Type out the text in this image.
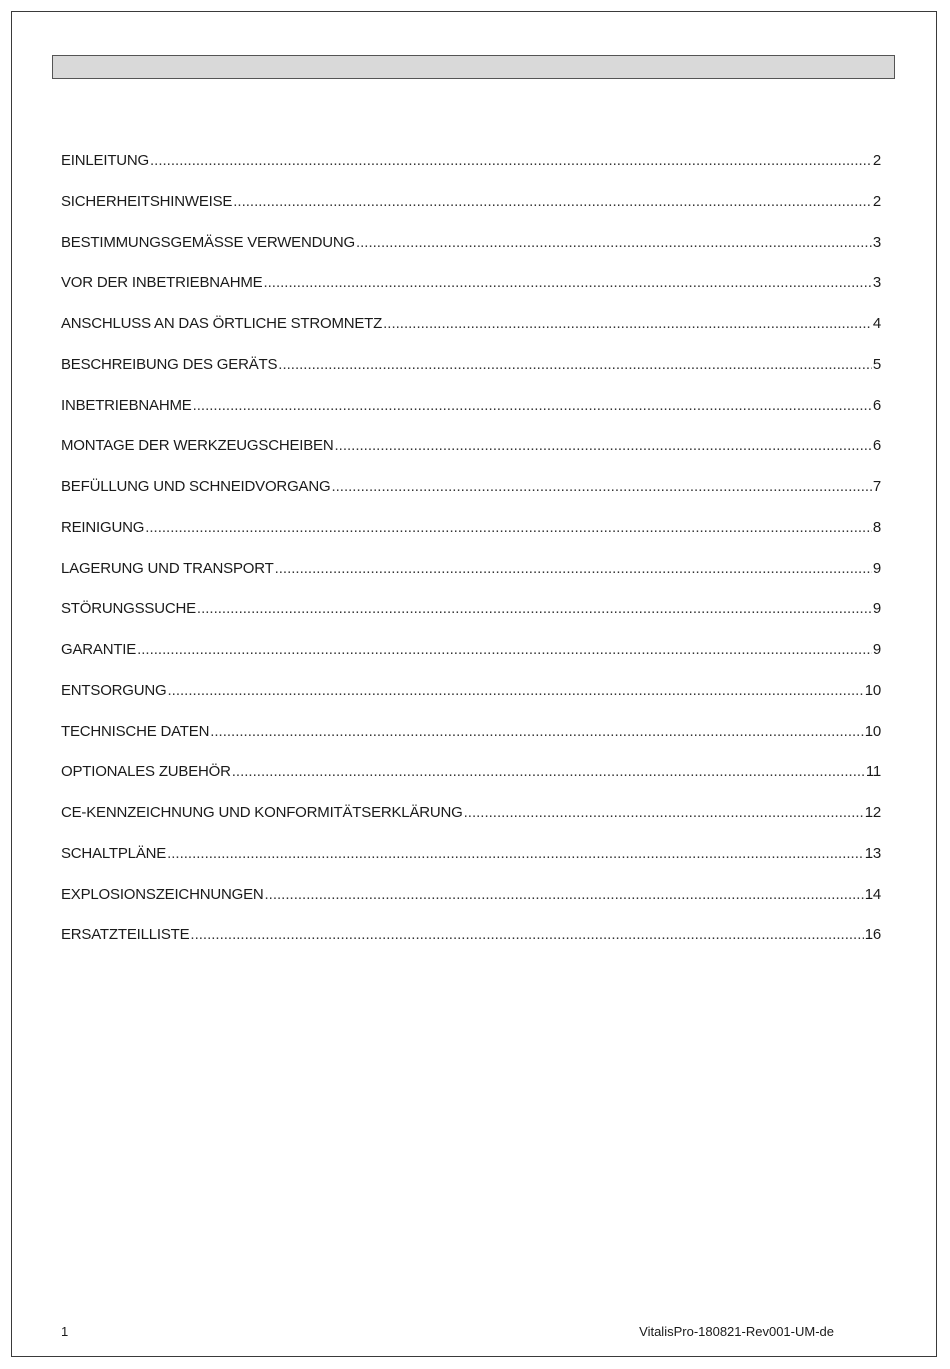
EINLEITUNG .....	2
SICHERHEITSHINWEISE .....	2
BESTIMMUNGSGEMÄSSE VERWENDUNG .....	3
VOR DER INBETRIEBNAHME .....	3
ANSCHLUSS AN DAS ÖRTLICHE STROMNETZ .....	4
BESCHREIBUNG DES GERÄTS .....	5
INBETRIEBNAHME .....	6
MONTAGE DER WERKZEUGSCHEIBEN .....	6
BEFÜLLUNG UND SCHNEIDVORGANG .....	7
REINIGUNG .....	8
LAGERUNG UND TRANSPORT .....	9
STÖRUNGSSUCHE .....	9
GARANTIE .....	9
ENTSORGUNG .....	10
TECHNISCHE DATEN .....	10
OPTIONALES ZUBEHÖR .....	11
CE-KENNZEICHNUNG UND KONFORMITÄTSERKLÄRUNG .....	12
SCHALTPLÄNE .....	13
EXPLOSIONSZEICHNUNGEN .....	14
ERSATZTEILLISTE .....	16
1	VitalisPro-180821-Rev001-UM-de
